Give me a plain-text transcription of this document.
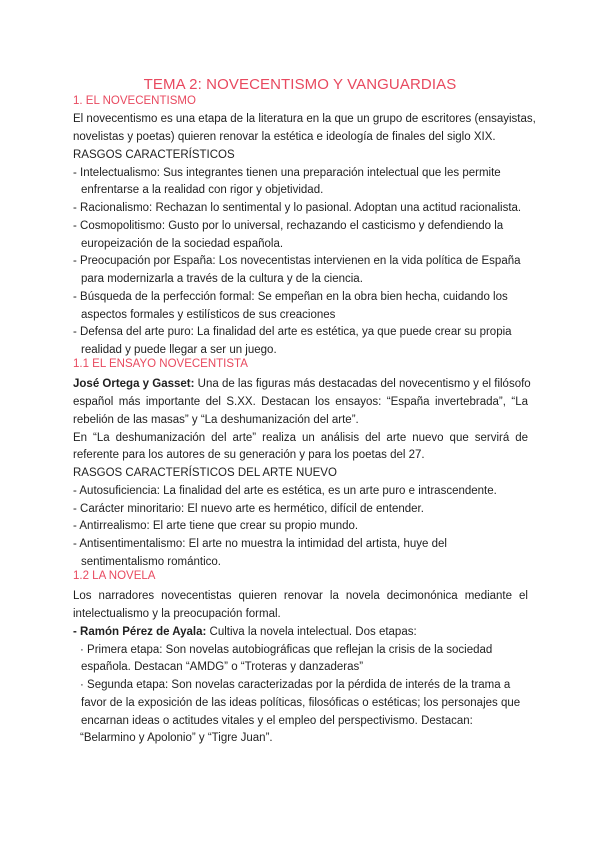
TEMA 2: NOVECENTISMO Y VANGUARDIAS
1. EL NOVECENTISMO
El novecentismo es una etapa de la literatura en la que un grupo de escritores (ensayistas,
novelistas y poetas) quieren renovar la estética e ideología de finales del siglo XIX.
RASGOS CARACTERÍSTICOS
- Intelectualismo: Sus integrantes tienen una preparación intelectual que les permite
enfrentarse a la realidad con rigor y objetividad.
- Racionalismo: Rechazan lo sentimental y lo pasional. Adoptan una actitud racionalista.
- Cosmopolitismo: Gusto por lo universal, rechazando el casticismo y defendiendo la
europeización de la sociedad española.
- Preocupación por España: Los novecentistas intervienen en la vida política de España
para modernizarla a través de la cultura y de la ciencia.
- Búsqueda de la perfección formal: Se empeñan en la obra bien hecha, cuidando los
aspectos formales y estilísticos de sus creaciones
- Defensa del arte puro: La finalidad del arte es estética, ya que puede crear su propia
realidad y puede llegar a ser un juego.
1.1 EL ENSAYO NOVECENTISTA
José Ortega y Gasset: Una de las figuras más destacadas del novecentismo y el filósofo
español más importante del S.XX. Destacan los ensayos: “España invertebrada”, “La
rebelión de las masas” y “La deshumanización del arte”.
En “La deshumanización del arte” realiza un análisis del arte nuevo que servirá de
referente para los autores de su generación y para los poetas del 27.
RASGOS CARACTERÍSTICOS DEL ARTE NUEVO
- Autosuficiencia: La finalidad del arte es estética, es un arte puro e intrascendente.
- Carácter minoritario: El nuevo arte es hermético, difícil de entender.
- Antirrealismo: El arte tiene que crear su propio mundo.
- Antisentimentalismo: El arte no muestra la intimidad del artista, huye del
sentimentalismo romántico.
1.2 LA NOVELA
Los narradores novecentistas quieren renovar la novela decimonónica mediante el
intelectualismo y la preocupación formal.
- Ramón Pérez de Ayala: Cultiva la novela intelectual. Dos etapas:
· Primera etapa: Son novelas autobiográficas que reflejan la crisis de la sociedad
española. Destacan “AMDG” o “Troteras y danzaderas”
· Segunda etapa: Son novelas caracterizadas por la pérdida de interés de la trama a
favor de la exposición de las ideas políticas, filosóficas o estéticas; los personajes que
encarnan ideas o actitudes vitales y el empleo del perspectivismo. Destacan:
“Belarmino y Apolonio” y “Tigre Juan”.
